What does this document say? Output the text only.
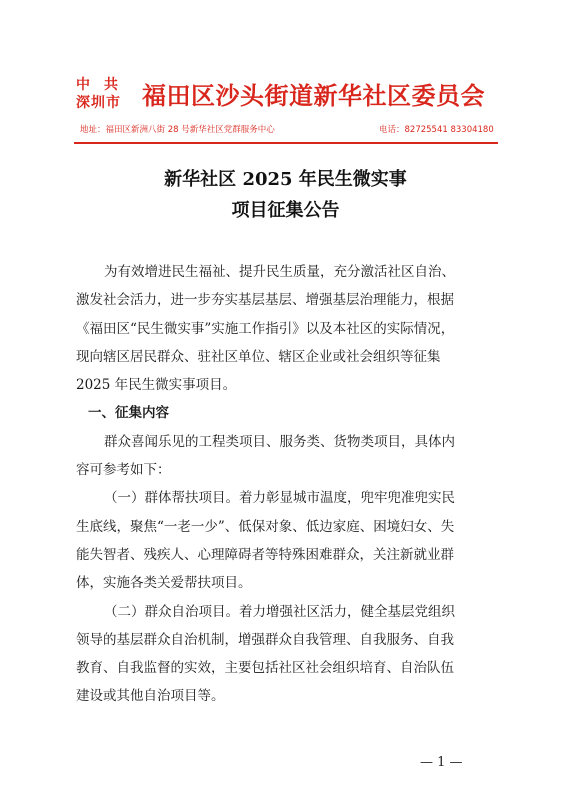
中共
深圳市 福田区沙头街道新华社区委员会
地址：福田区新洲八街 28 号新华社区党群服务中心	电话：82725541 83304180
新华社区 2025 年民生微实事
项目征集公告
为有效增进民生福祉、提升民生质量，充分激活社区自治、
激发社会活力，进一步夯实基层基层、增强基层治理能力，根据
《福田区“民生微实事”实施工作指引》以及本社区的实际情况，
现向辖区居民群众、驻社区单位、辖区企业或社会组织等征集
2025 年民生微实事项目。
一、征集内容
群众喜闻乐见的工程类项目、服务类、货物类项目，具体内
容可参考如下：
（一）群体帮扶项目。着力彰显城市温度，兜牢兜准兜实民
生底线，聚焦“一老一少”、低保对象、低边家庭、困境妇女、失
能失智者、残疾人、心理障碍者等特殊困难群众，关注新就业群
体，实施各类关爱帮扶项目。
（二）群众自治项目。着力增强社区活力，健全基层党组织
领导的基层群众自治机制，增强群众自我管理、自我服务、自我
教育、自我监督的实效，主要包括社区社会组织培育、自治队伍
建设或其他自治项目等。
— 1 —
